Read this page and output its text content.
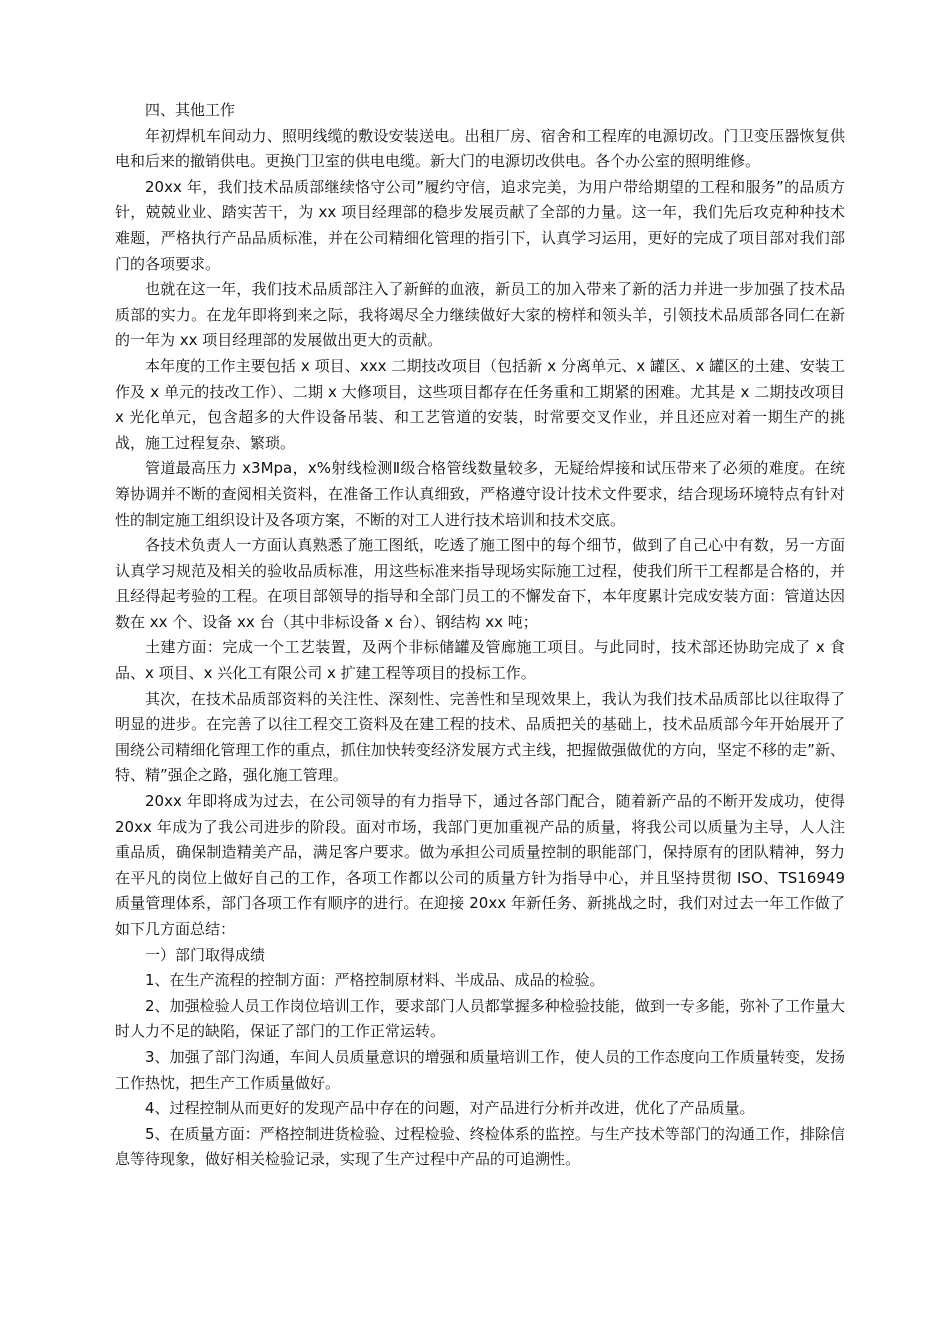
四、其他工作

年初焊机车间动力、照明线缆的敷设安装送电。出租厂房、宿舍和工程库的电源切改。门卫变压器恢复供电和后来的撤销供电。更换门卫室的供电电缆。新大门的电源切改供电。各个办公室的照明维修。

20xx 年，我们技术品质部继续恪守公司”履约守信，追求完美，为用户带给期望的工程和服务”的品质方针，兢兢业业、踏实苦干，为 xx 项目经理部的稳步发展贡献了全部的力量。这一年，我们先后攻克种种技术难题，严格执行产品品质标准，并在公司精细化管理的指引下，认真学习运用，更好的完成了项目部对我们部门的各项要求。

也就在这一年，我们技术品质部注入了新鲜的血液，新员工的加入带来了新的活力并进一步加强了技术品质部的实力。在龙年即将到来之际，我将竭尽全力继续做好大家的榜样和领头羊，引领技术品质部各同仁在新的一年为 xx 项目经理部的发展做出更大的贡献。

本年度的工作主要包括 x 项目、xxx 二期技改项目（包括新 x 分离单元、x 罐区、x 罐区的土建、安装工作及 x 单元的技改工作）、二期 x 大修项目，这些项目都存在任务重和工期紧的困难。尤其是 x 二期技改项目 x 光化单元，包含超多的大件设备吊装、和工艺管道的安装，时常要交叉作业，并且还应对着一期生产的挑战，施工过程复杂、繁琐。

管道最高压力 x3Mpa，x%射线检测Ⅱ级合格管线数量较多，无疑给焊接和试压带来了必须的难度。在统筹协调并不断的查阅相关资料，在准备工作认真细致，严格遵守设计技术文件要求，结合现场环境特点有针对性的制定施工组织设计及各项方案，不断的对工人进行技术培训和技术交底。

各技术负责人一方面认真熟悉了施工图纸，吃透了施工图中的每个细节，做到了自己心中有数，另一方面认真学习规范及相关的验收品质标准，用这些标准来指导现场实际施工过程，使我们所干工程都是合格的，并且经得起考验的工程。在项目部领导的指导和全部门员工的不懈发奋下，本年度累计完成安装方面：管道达因数在 xx 个、设备 xx 台（其中非标设备 x 台）、钢结构 xx 吨；

土建方面：完成一个工艺装置，及两个非标储罐及管廊施工项目。与此同时，技术部还协助完成了 x 食品、x 项目、x 兴化工有限公司 x 扩建工程等项目的投标工作。

其次，在技术品质部资料的关注性、深刻性、完善性和呈现效果上，我认为我们技术品质部比以往取得了明显的进步。在完善了以往工程交工资料及在建工程的技术、品质把关的基础上，技术品质部今年开始展开了围绕公司精细化管理工作的重点，抓住加快转变经济发展方式主线，把握做强做优的方向，坚定不移的走”新、特、精”强企之路，强化施工管理。

20xx 年即将成为过去，在公司领导的有力指导下，通过各部门配合，随着新产品的不断开发成功，使得 20xx 年成为了我公司进步的阶段。面对市场，我部门更加重视产品的质量，将我公司以质量为主导，人人注重品质，确保制造精美产品，满足客户要求。做为承担公司质量控制的职能部门，保持原有的团队精神，努力在平凡的岗位上做好自己的工作，各项工作都以公司的质量方针为指导中心，并且坚持贯彻 ISO、TS16949 质量管理体系，部门各项工作有顺序的进行。在迎接 20xx 年新任务、新挑战之时，我们对过去一年工作做了如下几方面总结：

一）部门取得成绩

1、在生产流程的控制方面：严格控制原材料、半成品、成品的检验。

2、加强检验人员工作岗位培训工作，要求部门人员都掌握多种检验技能，做到一专多能，弥补了工作量大时人力不足的缺陷，保证了部门的工作正常运转。

3、加强了部门沟通，车间人员质量意识的增强和质量培训工作，使人员的工作态度向工作质量转变，发扬工作热忱，把生产工作质量做好。

4、过程控制从而更好的发现产品中存在的问题，对产品进行分析并改进，优化了产品质量。

5、在质量方面：严格控制进货检验、过程检验、终检体系的监控。与生产技术等部门的沟通工作，排除信息等待现象，做好相关检验记录，实现了生产过程中产品的可追溯性。
